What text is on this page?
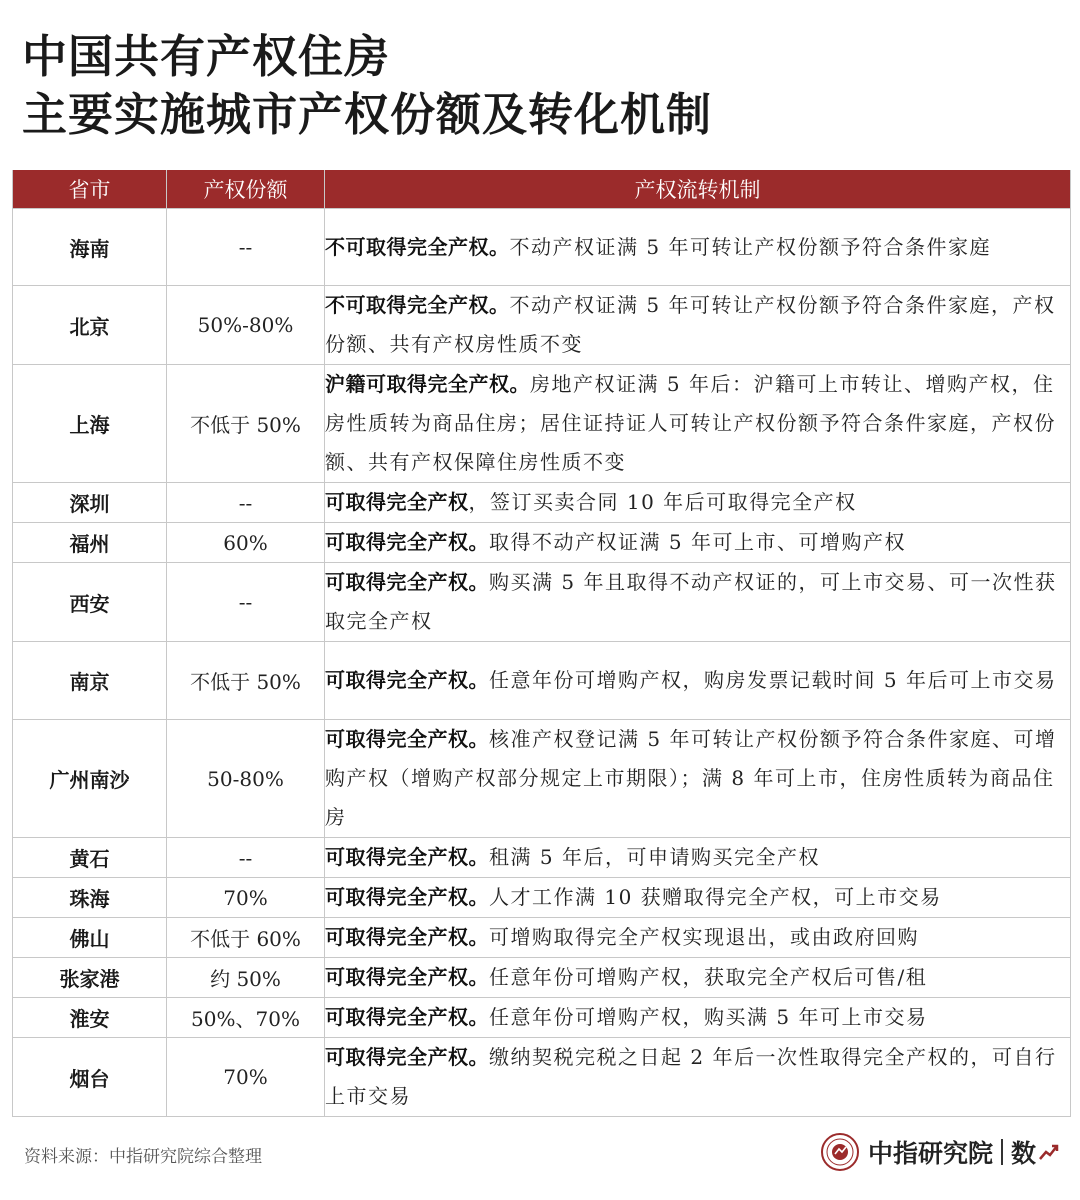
中国共有产权住房
主要实施城市产权份额及转化机制
省市	产权份额	产权流转机制
海南	--	不可取得完全产权。不动产权证满 5 年可转让产权份额予符合条件家庭
北京	50%-80%	不可取得完全产权。不动产权证满 5 年可转让产权份额予符合条件家庭，产权份额、共有产权房性质不变
上海	不低于 50%	沪籍可取得完全产权。房地产权证满 5 年后：沪籍可上市转让、增购产权，住房性质转为商品住房；居住证持证人可转让产权份额予符合条件家庭，产权份额、共有产权保障住房性质不变
深圳	--	可取得完全产权，签订买卖合同 10 年后可取得完全产权
福州	60%	可取得完全产权。取得不动产权证满 5 年可上市、可增购产权
西安	--	可取得完全产权。购买满 5 年且取得不动产权证的，可上市交易、可一次性获取完全产权
南京	不低于 50%	可取得完全产权。任意年份可增购产权，购房发票记载时间 5 年后可上市交易
广州南沙	50-80%	可取得完全产权。核准产权登记满 5 年可转让产权份额予符合条件家庭、可增购产权（增购产权部分规定上市期限）；满 8 年可上市，住房性质转为商品住房
黄石	--	可取得完全产权。租满 5 年后，可申请购买完全产权
珠海	70%	可取得完全产权。人才工作满 10 获赠取得完全产权，可上市交易
佛山	不低于 60%	可取得完全产权。可增购取得完全产权实现退出，或由政府回购
张家港	约 50%	可取得完全产权。任意年份可增购产权，获取完全产权后可售/租
淮安	50%、70%	可取得完全产权。任意年份可增购产权，购买满 5 年可上市交易
烟台	70%	可取得完全产权。缴纳契税完税之日起 2 年后一次性取得完全产权的，可自行上市交易
资料来源：中指研究院综合整理	中指研究院 数
